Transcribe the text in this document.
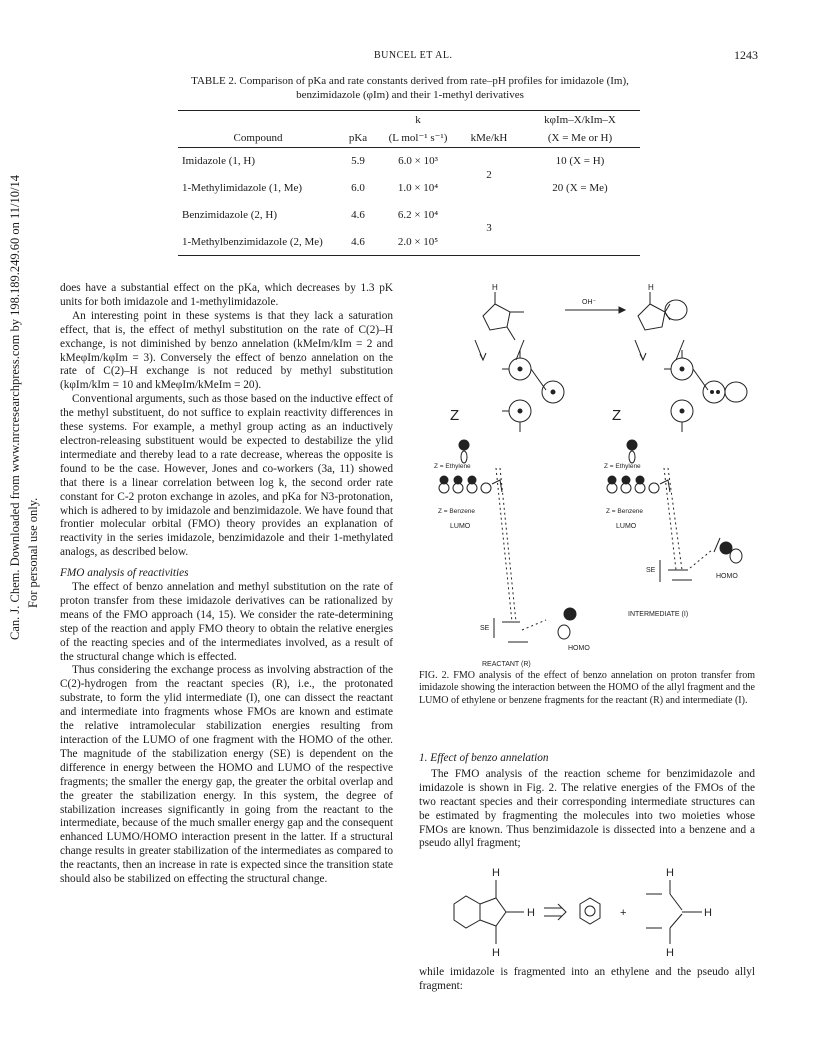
BUNCEL ET AL.	1243
Can. J. Chem. Downloaded from www.nrcresearchpress.com by 198.189.249.60 on 11/10/14 For personal use only.
TABLE 2. Comparison of pKa and rate constants derived from rate–pH profiles for imidazole (Im), benzimidazole (φIm) and their 1-methyl derivatives
		k		kφIm–X/kIm–X
Compound	pKa	(L mol⁻¹ s⁻¹)	kMe/kH	(X = Me or H)
Imidazole (1, H)	5.9	6.0 × 10³	2	10 (X = H)
1-Methylimidazole (1, Me)	6.0	1.0 × 10⁴		20 (X = Me)
Benzimidazole (2, H)	4.6	6.2 × 10⁴	3	
1-Methylbenzimidazole (2, Me)	4.6	2.0 × 10⁵		

does have a substantial effect on the pKa, which decreases by 1.3 pK units for both imidazole and 1-methylimidazole.

An interesting point in these systems is that they lack a saturation effect, that is, the effect of methyl substitution on the rate of C(2)–H exchange, is not diminished by benzo annelation (kMeIm/kIm = 2 and kMeφIm/kφIm = 3). Conversely the effect of benzo annelation on the rate of C(2)–H exchange is not reduced by methyl substitution (kφIm/kIm = 10 and kMeφIm/kMeIm = 20).

Conventional arguments, such as those based on the inductive effect of the methyl substituent, do not suffice to explain reactivity differences in these systems. For example, a methyl group acting as an inductively electron-releasing substituent would be expected to destabilize the ylid intermediate and thereby lead to a rate decrease, whereas the opposite is found to be the case. However, Jones and co-workers (3a, 11) showed that there is a linear correlation between log k, the second order rate constant for C-2 proton exchange in azoles, and pKa for N3-protonation, which is adhered to by imidazole and benzimidazole. We have found that frontier molecular orbital (FMO) theory provides an explanation of reactivity in the series imidazole, benzimidazole and their 1-methylated analogs, as described below.

FMO analysis of reactivities

The effect of benzo annelation and methyl substitution on the rate of proton transfer from these imidazole derivatives can be rationalized by means of the FMO approach (14, 15). We consider the rate-determining step of the reaction and apply FMO theory to obtain the relative energies of the reacting species and of the intermediates involved, as a result of the structural change which is effected.

Thus considering the exchange process as involving abstraction of the C(2)-hydrogen from the reactant species (R), i.e., the protonated substrate, to form the ylid intermediate (I), one can dissect the reactant and intermediate into fragments whose FMOs are known and estimate the relative intramolecular stabilization energies resulting from interaction of the LUMO of one fragment with the HOMO of the other. The magnitude of the stabilization energy (SE) is dependent on the difference in energy between the HOMO and LUMO of the respective fragments; the smaller the energy gap, the greater the orbital overlap and the greater the stabilization energy. In this system, the degree of stabilization increases significantly in going from the reactant to the intermediate, because of the much smaller energy gap and the consequent enhanced LUMO/HOMO interaction present in the latter. If a structural change results in greater stabilization of the intermediates as compared to the reactants, then an increase in rate is expected since the transition state should also be stabilized on effecting the structural change.

H	H
OH⁻
Z	Z
Z = Ethylene	Z = Ethylene
Z = Benzene	Z = Benzene
LUMO	LUMO
SE
SE
HOMO
HOMO
INTERMEDIATE (I)
REACTANT (R)
FIG. 2. FMO analysis of the effect of benzo annelation on proton transfer from imidazole showing the interaction between the HOMO of the allyl fragment and the LUMO of ethylene or benzene fragments for the reactant (R) and intermediate (I).

1. Effect of benzo annelation

The FMO analysis of the reaction scheme for benzimidazole and imidazole is shown in Fig. 2. The relative energies of the FMOs of the two reactant species and their corresponding intermediate structures can be estimated by fragmenting the molecules into two moieties whose FMOs are known. Thus benzimidazole is dissected into a benzene and a pseudo allyl fragment;

H
H
H
H
H
H
+

while imidazole is fragmented into an ethylene and the pseudo allyl fragment:
